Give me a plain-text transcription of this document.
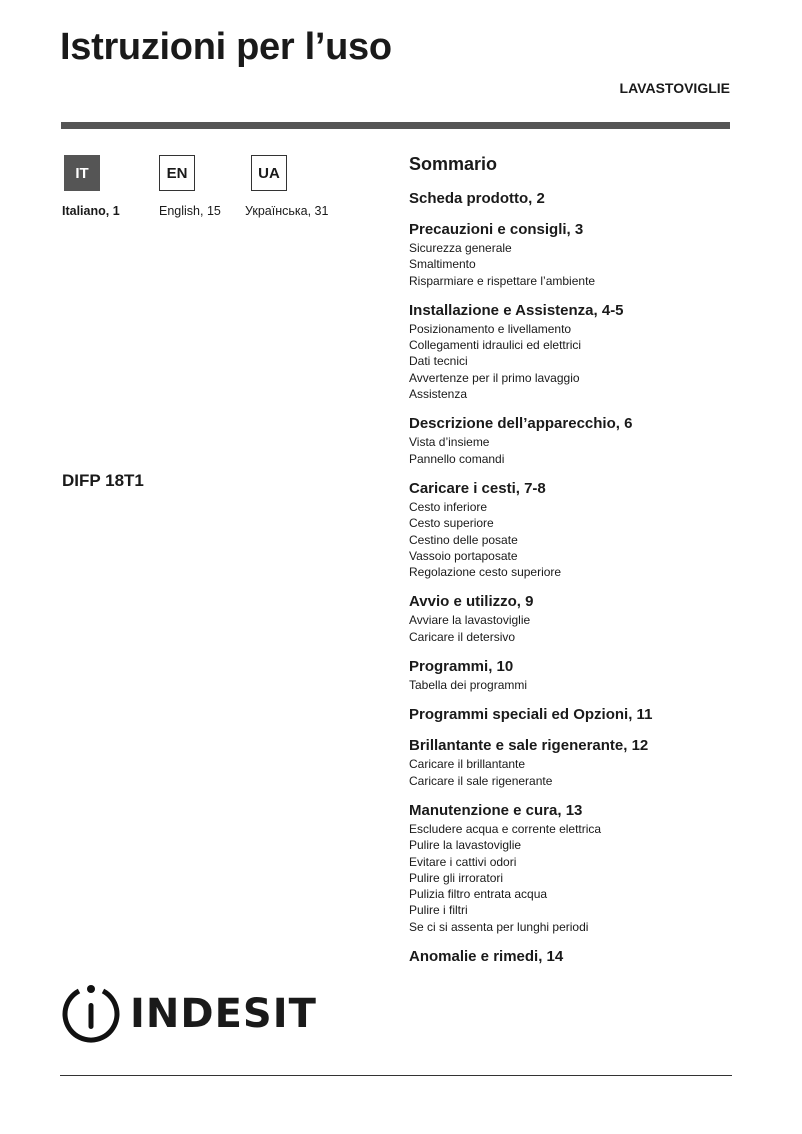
Istruzioni per l’uso
LAVASTOVIGLIE
IT	EN	UA
Italiano, 1	English, 15 Українська, 31
DIFP 18T1
Sommario
Scheda prodotto, 2
Precauzioni e consigli, 3
Sicurezza generale
Smaltimento
Risparmiare e rispettare l’ambiente
Installazione e Assistenza, 4-5
Posizionamento e livellamento
Collegamenti idraulici ed elettrici
Dati tecnici
Avvertenze per il primo lavaggio
Assistenza
Descrizione dell’apparecchio, 6
Vista d’insieme
Pannello comandi
Caricare i cesti, 7-8
Cesto inferiore
Cesto superiore
Cestino delle posate
Vassoio portaposate
Regolazione cesto superiore
Avvio e utilizzo, 9
Avviare la lavastoviglie
Caricare il detersivo
Programmi, 10
Tabella dei programmi
Programmi speciali ed Opzioni, 11
Brillantante e sale rigenerante, 12
Caricare il brillantante
Caricare il sale rigenerante
Manutenzione e cura, 13
Escludere acqua e corrente elettrica
Pulire la lavastoviglie
Evitare i cattivi odori
Pulire gli irroratori
Pulizia filtro entrata acqua
Pulire i filtri
Se ci si assenta per lunghi periodi
Anomalie e rimedi, 14
INDESIT
